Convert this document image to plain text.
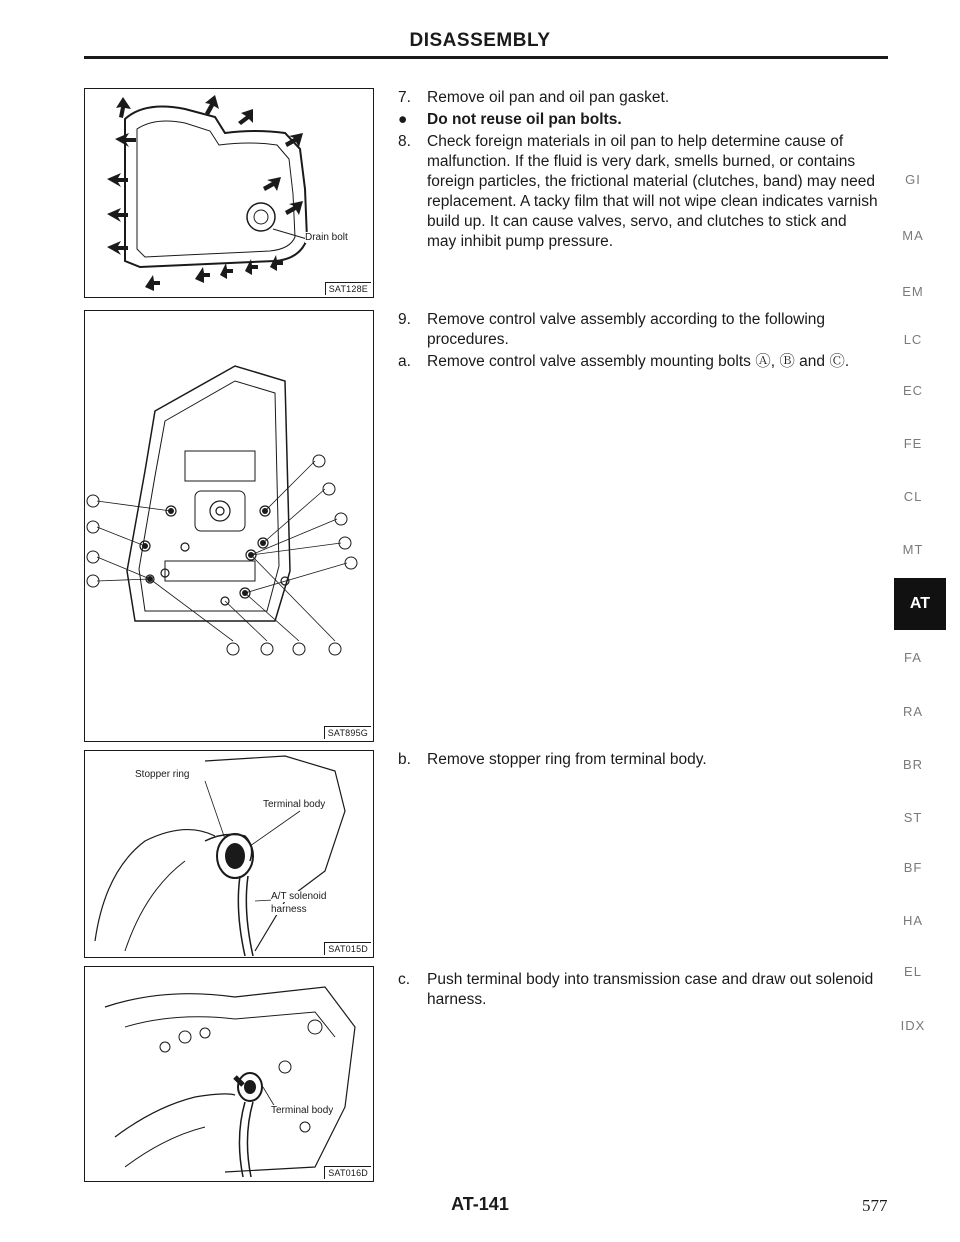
DISASSEMBLY
Drain bolt
SAT128E
SAT895G
Stopper ring
Terminal body
A/T solenoid
harness
SAT015D
Terminal body
SAT016D
7. Remove oil pan and oil pan gasket.
● Do not reuse oil pan bolts.
8. Check foreign materials in oil pan to help determine cause of malfunction. If the fluid is very dark, smells burned, or contains foreign particles, the frictional material (clutches, band) may need replacement. A tacky film that will not wipe clean indicates varnish build up. It can cause valves, servo, and clutches to stick and may inhibit pump pressure.
9. Remove control valve assembly according to the following procedures.
a. Remove control valve assembly mounting bolts Ⓐ, Ⓑ and Ⓒ.
b. Remove stopper ring from terminal body.
c. Push terminal body into transmission case and draw out solenoid harness.
GI
MA
EM
LC
EC
FE
CL
MT
AT
FA
RA
BR
ST
BF
HA
EL
IDX
AT-141	577
